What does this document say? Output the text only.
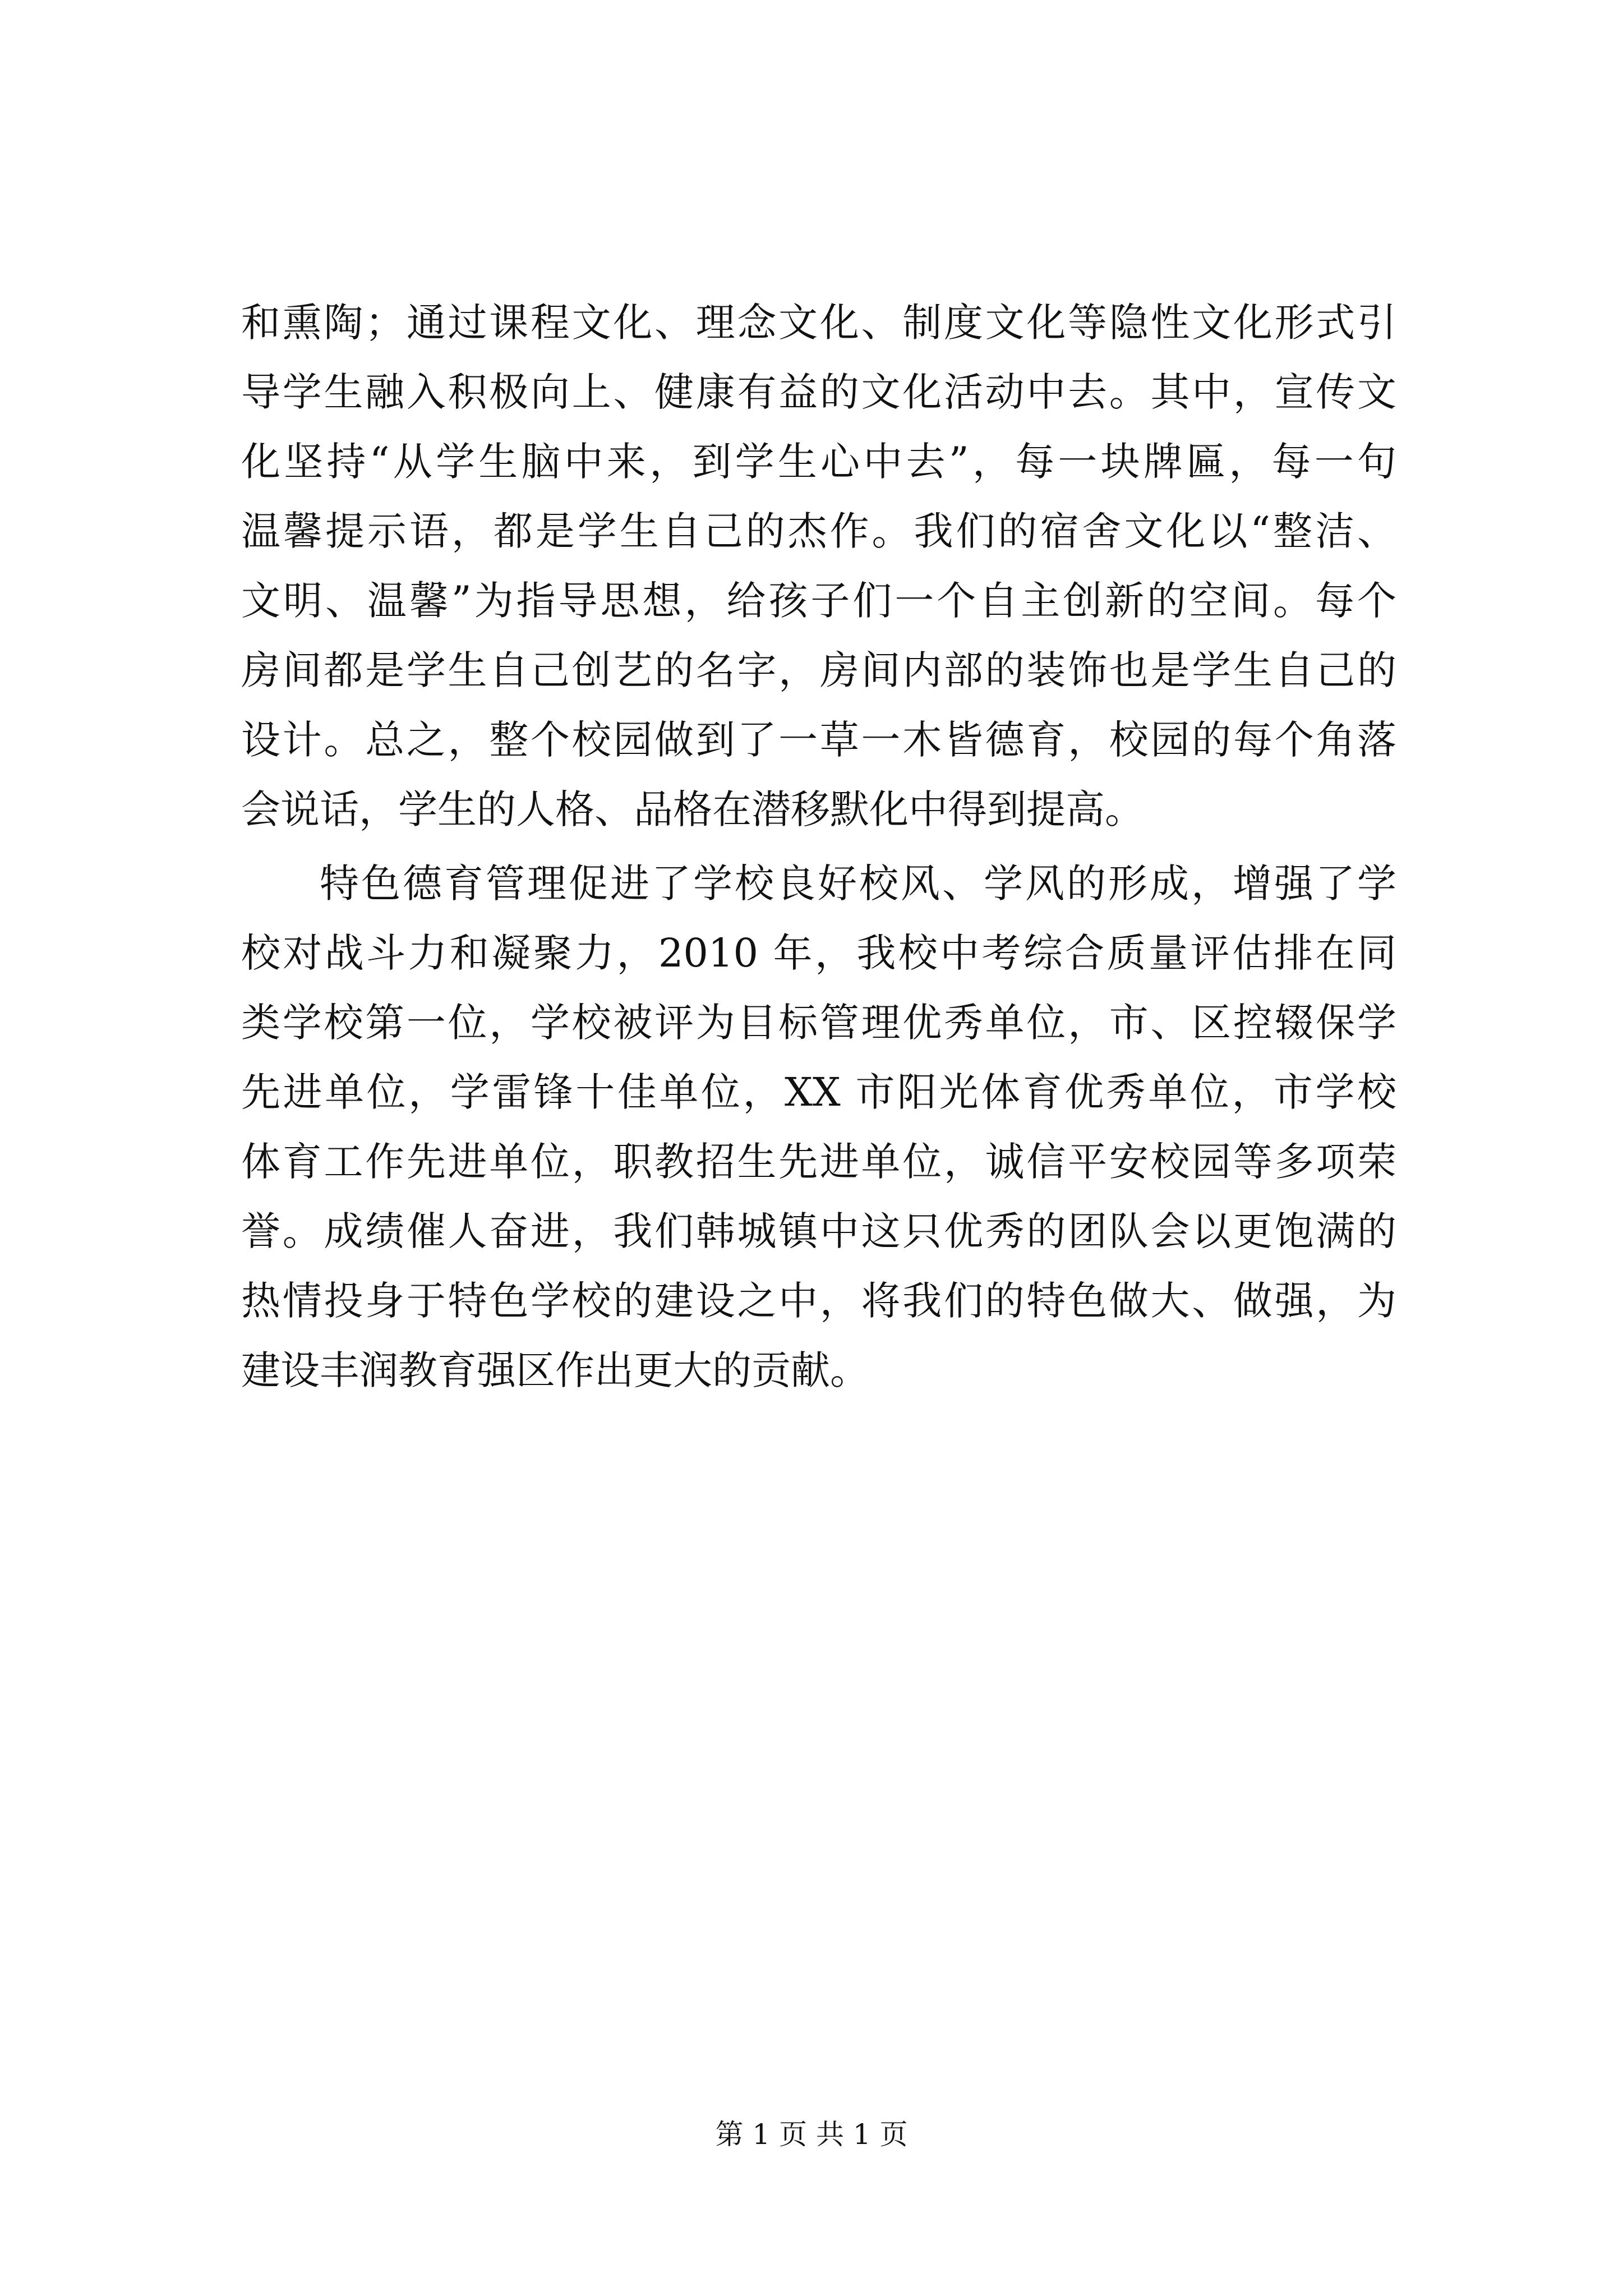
和熏陶；通过课程文化、理念文化、制度文化等隐性文化形式引
导学生融入积极向上、健康有益的文化活动中去。其中，宣传文
化坚持“从学生脑中来，到学生心中去”，每一块牌匾，每一句
温馨提示语，都是学生自己的杰作。我们的宿舍文化以“整洁、
文明、温馨”为指导思想，给孩子们一个自主创新的空间。每个
房间都是学生自己创艺的名字，房间内部的装饰也是学生自己的
设计。总之，整个校园做到了一草一木皆德育，校园的每个角落
会说话，学生的人格、品格在潜移默化中得到提高。
特色德育管理促进了学校良好校风、学风的形成，增强了学
校对战斗力和凝聚力，2010 年，我校中考综合质量评估排在同
类学校第一位，学校被评为目标管理优秀单位，市、区控辍保学
先进单位，学雷锋十佳单位，XX 市阳光体育优秀单位，市学校
体育工作先进单位，职教招生先进单位，诚信平安校园等多项荣
誉。成绩催人奋进，我们韩城镇中这只优秀的团队会以更饱满的
热情投身于特色学校的建设之中，将我们的特色做大、做强，为
建设丰润教育强区作出更大的贡献。
第 1 页 共 1 页
